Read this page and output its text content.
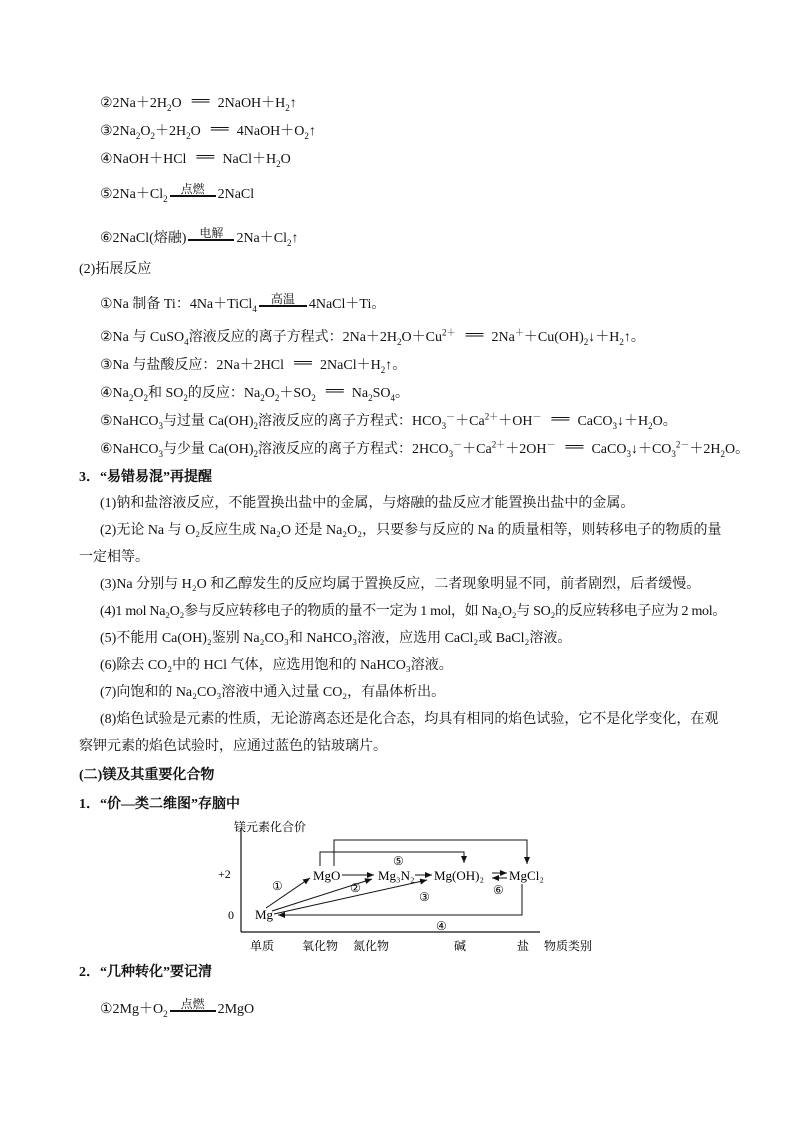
$②2Na+2H_2O$ ══ $2NaOH+H_2↑$
$③2Na_2O_2+2H_2O$ ══ $4NaOH+O_2↑$
④NaOH＋HCl ══ $NaCl+H_2O$
$⑤2Na+Cl_2$
点燃 2NaCl
⑥2NaCl(熔融)	电解 $2Na+Cl_2↑$
(2)拓展反应
①Na 制备 Ti：4Na＋TiCl$_4$
高温	4NaCl＋Ti。
②Na 与 CuSO$_4$溶液反应的离子方程式：$2Na+2H_2O+Cu^{2+}$ ══ $2Na^++Cu(OH)_2↓+H_2↑$。
③Na 与盐酸反应：2Na＋2HCl ══ $2NaCl+H_2↑$。
$④Na_2O_2$和 $SO_2$的反应：$Na_2O_2+SO_2$ ══ $Na_2SO_4$。
⑤NaHCO$_3$与过量 $Ca(OH)_2$溶液反应的离子方程式：$HCO_3^-+Ca^{2+}+OH^-$ ══ $CaCO_3↓+H_2O$。
⑥NaHCO$_3$与少量 $Ca(OH)_2$溶液反应的离子方程式：$2HCO_3^-+Ca^{2+}+2OH^-$ ══ $CaCO_3↓+CO_3^{2-}+2H_2O$。
3．“易错易混”再提醒
(1)钠和盐溶液反应，不能置换出盐中的金属，与熔融的盐反应才能置换出盐中的金属。
(2)无论 Na 与 O₂反应生成 Na₂O 还是 Na₂O₂，只要参与反应的 Na 的质量相等，则转移电子的物质的量一定相等。
(3)Na 分别与 H₂O 和乙醇发生的反应均属于置换反应，二者现象明显不同，前者剧烈，后者缓慢。
(4)1 mol Na₂O₂参与反应转移电子的物质的量不一定为 1 mol，如 Na₂O₂与 SO₂的反应转移电子应为 2 mol。
(5)不能用 Ca(OH)₂鉴别 Na₂CO₃和 NaHCO₃溶液，应选用 CaCl₂或 BaCl₂溶液。
(6)除去 CO₂中的 HCl 气体，应选用饱和的 NaHCO₃溶液。
(7)向饱和的 Na₂CO₃溶液中通入过量 CO₂，有晶体析出。
(8)焰色试验是元素的性质，无论游离态还是化合态，均具有相同的焰色试验，它不是化学变化，在观察钾元素的焰色试验时，应通过蓝色的钴玻璃片。
(二)镁及其重要化合物
1．“价—类二维图”存脑中
镁元素化合价
+2
0
单质 氧化物 氮化物	碱	盐 物质类别
Mg
MgO	Mg₃N₂ Mg(OH)₂ MgCl₂
①	②
③
④
⑤
⑥
2．“几种转化”要记清
$①2Mg+O_2$
点燃 2MgO
